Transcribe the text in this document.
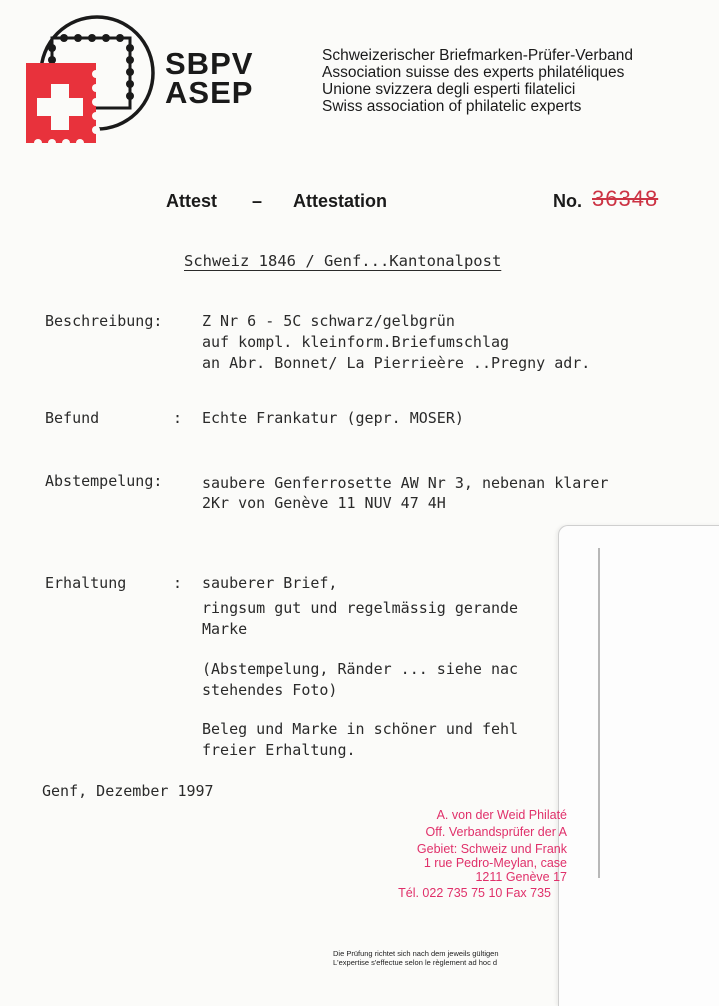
SBPV
ASEP
Schweizerischer Briefmarken-Prüfer-Verband
Association suisse des experts philatéliques
Unione svizzera degli esperti filatelici
Swiss association of philatelic experts
Attest – Attestation	No. 36348
Schweiz 1846 / Genf...Kantonalpost
Beschreibung:	Z Nr 6 - 5C schwarz/gelbgrün
auf kompl. kleinform.Briefumschlag
an Abr. Bonnet/ La Pierrieère ..Pregny adr.
Befund	: Echte Frankatur (gepr. MOSER)
Abstempelung:	saubere Genferrosette AW Nr 3, nebenan klarer
2Kr von Genève 11 NUV 47 4H
Erhaltung	: sauberer Brief,
ringsum gut und regelmässig gerande
Marke
(Abstempelung, Ränder ... siehe nac
stehendes Foto)
Beleg und Marke in schöner und fehl
freier Erhaltung.
Genf, Dezember 1997
A. von der Weid Philaté
Off. Verbandsprüfer der A
Gebiet: Schweiz und Frank
1 rue Pedro-Meylan, case
1211 Genève 17
Tél. 022 735 75 10 Fax 735
Die Prüfung richtet sich nach dem jeweils gültigen
L'expertise s'effectue selon le règlement ad hoc d
